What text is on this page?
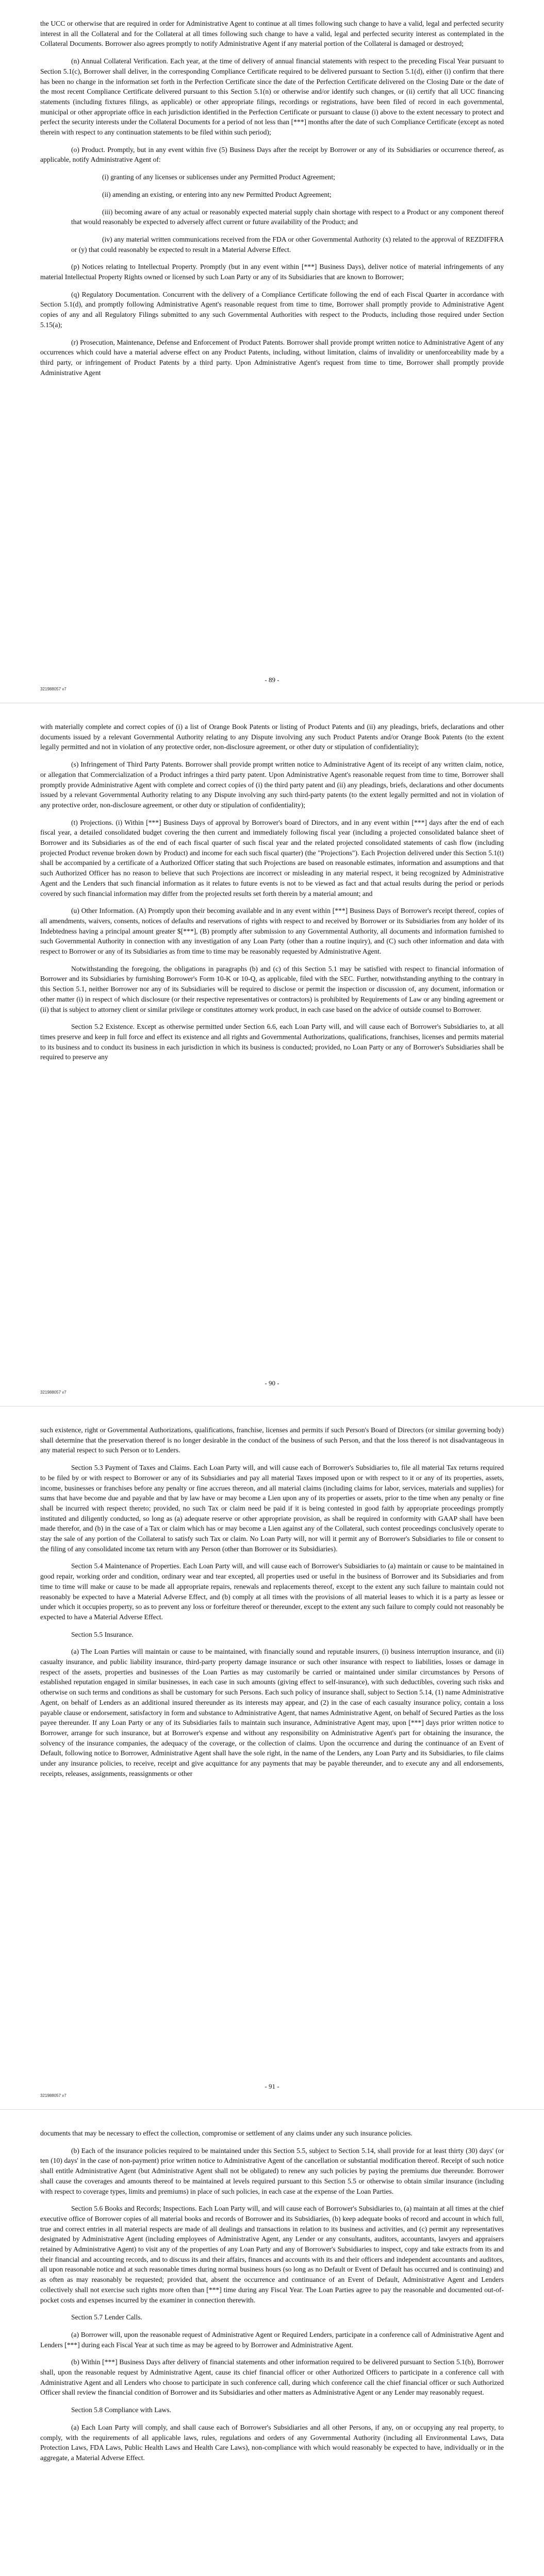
the UCC or otherwise that are required in order for Administrative Agent to continue at all times following such change to have a valid, legal and perfected security interest in all the Collateral and for the Collateral at all times following such change to have a valid, legal and perfected security interest as contemplated in the Collateral Documents. Borrower also agrees promptly to notify Administrative Agent if any material portion of the Collateral is damaged or destroyed;

(n) Annual Collateral Verification. Each year, at the time of delivery of annual financial statements with respect to the preceding Fiscal Year pursuant to Section 5.1(c), Borrower shall deliver, in the corresponding Compliance Certificate required to be delivered pursuant to Section 5.1(d), either (i) confirm that there has been no change in the information set forth in the Perfection Certificate since the date of the Perfection Certificate delivered on the Closing Date or the date of the most recent Compliance Certificate delivered pursuant to this Section 5.1(n) or otherwise and/or identify such changes, or (ii) certify that all UCC financing statements (including fixtures filings, as applicable) or other appropriate filings, recordings or registrations, have been filed of record in each governmental, municipal or other appropriate office in each jurisdiction identified in the Perfection Certificate or pursuant to clause (i) above to the extent necessary to protect and perfect the security interests under the Collateral Documents for a period of not less than [***] months after the date of such Compliance Certificate (except as noted therein with respect to any continuation statements to be filed within such period);

(o) Product. Promptly, but in any event within five (5) Business Days after the receipt by Borrower or any of its Subsidiaries or occurrence thereof, as applicable, notify Administrative Agent of:

(i) granting of any licenses or sublicenses under any Permitted Product Agreement;

(ii) amending an existing, or entering into any new Permitted Product Agreement;

(iii) becoming aware of any actual or reasonably expected material supply chain shortage with respect to a Product or any component thereof that would reasonably be expected to adversely affect current or future availability of the Product; and

(iv) any material written communications received from the FDA or other Governmental Authority (x) related to the approval of REZDIFFRA or (y) that could reasonably be expected to result in a Material Adverse Effect.

(p) Notices relating to Intellectual Property. Promptly (but in any event within [***] Business Days), deliver notice of material infringements of any material Intellectual Property Rights owned or licensed by such Loan Party or any of its Subsidiaries that are known to Borrower;

(q) Regulatory Documentation. Concurrent with the delivery of a Compliance Certificate following the end of each Fiscal Quarter in accordance with Section 5.1(d), and promptly following Administrative Agent's reasonable request from time to time, Borrower shall promptly provide to Administrative Agent copies of any and all Regulatory Filings submitted to any such Governmental Authorities with respect to the Products, including those required under Section 5.15(a);

(r) Prosecution, Maintenance, Defense and Enforcement of Product Patents. Borrower shall provide prompt written notice to Administrative Agent of any occurrences which could have a material adverse effect on any Product Patents, including, without limitation, claims of invalidity or unenforceability made by a third party, or infringement of Product Patents by a third party. Upon Administrative Agent's request from time to time, Borrower shall promptly provide Administrative Agent

- 89 -
321988057 v7

with materially complete and correct copies of (i) a list of Orange Book Patents or listing of Product Patents and (ii) any pleadings, briefs, declarations and other documents issued by a relevant Governmental Authority relating to any Dispute involving any such Product Patents and/or Orange Book Patents (to the extent legally permitted and not in violation of any protective order, non-disclosure agreement, or other duty or stipulation of confidentiality);

(s) Infringement of Third Party Patents. Borrower shall provide prompt written notice to Administrative Agent of its receipt of any written claim, notice, or allegation that Commercialization of a Product infringes a third party patent. Upon Administrative Agent's reasonable request from time to time, Borrower shall promptly provide Administrative Agent with complete and correct copies of (i) the third party patent and (ii) any pleadings, briefs, declarations and other documents issued by a relevant Governmental Authority relating to any Dispute involving any such third-party patents (to the extent legally permitted and not in violation of any protective order, non-disclosure agreement, or other duty or stipulation of confidentiality);

(t) Projections. (i) Within [***] Business Days of approval by Borrower's board of Directors, and in any event within [***] days after the end of each fiscal year, a detailed consolidated budget covering the then current and immediately following fiscal year (including a projected consolidated balance sheet of Borrower and its Subsidiaries as of the end of each fiscal quarter of such fiscal year and the related projected consolidated statements of cash flow (including projected Product revenue broken down by Product) and income for each such fiscal quarter) (the "Projections"). Each Projection delivered under this Section 5.1(t) shall be accompanied by a certificate of a Authorized Officer stating that such Projections are based on reasonable estimates, information and assumptions and that such Authorized Officer has no reason to believe that such Projections are incorrect or misleading in any material respect, it being recognized by Administrative Agent and the Lenders that such financial information as it relates to future events is not to be viewed as fact and that actual results during the period or periods covered by such financial information may differ from the projected results set forth therein by a material amount; and

(u) Other Information. (A) Promptly upon their becoming available and in any event within [***] Business Days of Borrower's receipt thereof, copies of all amendments, waivers, consents, notices of defaults and reservations of rights with respect to and received by Borrower or its Subsidiaries from any holder of its Indebtedness having a principal amount greater $[***], (B) promptly after submission to any Governmental Authority, all documents and information furnished to such Governmental Authority in connection with any investigation of any Loan Party (other than a routine inquiry), and (C) such other information and data with respect to Borrower or any of its Subsidiaries as from time to time may be reasonably requested by Administrative Agent.

Notwithstanding the foregoing, the obligations in paragraphs (b) and (c) of this Section 5.1 may be satisfied with respect to financial information of Borrower and its Subsidiaries by furnishing Borrower's Form 10-K or 10-Q, as applicable, filed with the SEC. Further, notwithstanding anything to the contrary in this Section 5.1, neither Borrower nor any of its Subsidiaries will be required to disclose or permit the inspection or discussion of, any document, information or other matter (i) in respect of which disclosure (or their respective representatives or contractors) is prohibited by Requirements of Law or any binding agreement or (ii) that is subject to attorney client or similar privilege or constitutes attorney work product, in each case based on the advice of outside counsel to Borrower.

Section 5.2 Existence. Except as otherwise permitted under Section 6.6, each Loan Party will, and will cause each of Borrower's Subsidiaries to, at all times preserve and keep in full force and effect its existence and all rights and Governmental Authorizations, qualifications, franchises, licenses and permits material to its business and to conduct its business in each jurisdiction in which its business is conducted; provided, no Loan Party or any of Borrower's Subsidiaries shall be required to preserve any

- 90 -
321988057 v7

such existence, right or Governmental Authorizations, qualifications, franchise, licenses and permits if such Person's Board of Directors (or similar governing body) shall determine that the preservation thereof is no longer desirable in the conduct of the business of such Person, and that the loss thereof is not disadvantageous in any material respect to such Person or to Lenders.

Section 5.3 Payment of Taxes and Claims. Each Loan Party will, and will cause each of Borrower's Subsidiaries to, file all material Tax returns required to be filed by or with respect to Borrower or any of its Subsidiaries and pay all material Taxes imposed upon or with respect to it or any of its properties, assets, income, businesses or franchises before any penalty or fine accrues thereon, and all material claims (including claims for labor, services, materials and supplies) for sums that have become due and payable and that by law have or may become a Lien upon any of its properties or assets, prior to the time when any penalty or fine shall be incurred with respect thereto; provided, no such Tax or claim need be paid if it is being contested in good faith by appropriate proceedings promptly instituted and diligently conducted, so long as (a) adequate reserve or other appropriate provision, as shall be required in conformity with GAAP shall have been made therefor, and (b) in the case of a Tax or claim which has or may become a Lien against any of the Collateral, such contest proceedings conclusively operate to stay the sale of any portion of the Collateral to satisfy such Tax or claim. No Loan Party will, nor will it permit any of Borrower's Subsidiaries to file or consent to the filing of any consolidated income tax return with any Person (other than Borrower or its Subsidiaries).

Section 5.4 Maintenance of Properties. Each Loan Party will, and will cause each of Borrower's Subsidiaries to (a) maintain or cause to be maintained in good repair, working order and condition, ordinary wear and tear excepted, all properties used or useful in the business of Borrower and its Subsidiaries and from time to time will make or cause to be made all appropriate repairs, renewals and replacements thereof, except to the extent any such failure to maintain could not reasonably be expected to have a Material Adverse Effect, and (b) comply at all times with the provisions of all material leases to which it is a party as lessee or under which it occupies property, so as to prevent any loss or forfeiture thereof or thereunder, except to the extent any such failure to comply could not reasonably be expected to have a Material Adverse Effect.

Section 5.5 Insurance.

(a) The Loan Parties will maintain or cause to be maintained, with financially sound and reputable insurers, (i) business interruption insurance, and (ii) casualty insurance, and public liability insurance, third-party property damage insurance or such other insurance with respect to liabilities, losses or damage in respect of the assets, properties and businesses of the Loan Parties as may customarily be carried or maintained under similar circumstances by Persons of established reputation engaged in similar businesses, in each case in such amounts (giving effect to self-insurance), with such deductibles, covering such risks and otherwise on such terms and conditions as shall be customary for such Persons. Each such policy of insurance shall, subject to Section 5.14, (1) name Administrative Agent, on behalf of Lenders as an additional insured thereunder as its interests may appear, and (2) in the case of each casualty insurance policy, contain a loss payable clause or endorsement, satisfactory in form and substance to Administrative Agent, that names Administrative Agent, on behalf of Secured Parties as the loss payee thereunder. If any Loan Party or any of its Subsidiaries fails to maintain such insurance, Administrative Agent may, upon [***] days prior written notice to Borrower, arrange for such insurance, but at Borrower's expense and without any responsibility on Administrative Agent's part for obtaining the insurance, the solvency of the insurance companies, the adequacy of the coverage, or the collection of claims. Upon the occurrence and during the continuance of an Event of Default, following notice to Borrower, Administrative Agent shall have the sole right, in the name of the Lenders, any Loan Party and its Subsidiaries, to file claims under any insurance policies, to receive, receipt and give acquittance for any payments that may be payable thereunder, and to execute any and all endorsements, receipts, releases, assignments, reassignments or other

- 91 -
321988057 v7

documents that may be necessary to effect the collection, compromise or settlement of any claims under any such insurance policies.

(b) Each of the insurance policies required to be maintained under this Section 5.5, subject to Section 5.14, shall provide for at least thirty (30) days' (or ten (10) days' in the case of non-payment) prior written notice to Administrative Agent of the cancellation or substantial modification thereof. Receipt of such notice shall entitle Administrative Agent (but Administrative Agent shall not be obligated) to renew any such policies by paying the premiums due thereunder. Borrower shall cause the coverages and amounts thereof to be maintained at levels required pursuant to this Section 5.5 or otherwise to obtain similar insurance (including with respect to coverage types, limits and premiums) in place of such policies, in each case at the expense of the Loan Parties.

Section 5.6 Books and Records; Inspections. Each Loan Party will, and will cause each of Borrower's Subsidiaries to, (a) maintain at all times at the chief executive office of Borrower copies of all material books and records of Borrower and its Subsidiaries, (b) keep adequate books of record and account in which full, true and correct entries in all material respects are made of all dealings and transactions in relation to its business and activities, and (c) permit any representatives designated by Administrative Agent (including employees of Administrative Agent, any Lender or any consultants, auditors, accountants, lawyers and appraisers retained by Administrative Agent) to visit any of the properties of any Loan Party and any of Borrower's Subsidiaries to inspect, copy and take extracts from its and their financial and accounting records, and to discuss its and their affairs, finances and accounts with its and their officers and independent accountants and auditors, all upon reasonable notice and at such reasonable times during normal business hours (so long as no Default or Event of Default has occurred and is continuing) and as often as may reasonably be requested; provided that, absent the occurrence and continuance of an Event of Default, Administrative Agent and Lenders collectively shall not exercise such rights more often than [***] time during any Fiscal Year. The Loan Parties agree to pay the reasonable and documented out-of-pocket costs and expenses incurred by the examiner in connection therewith.

Section 5.7 Lender Calls.

(a) Borrower will, upon the reasonable request of Administrative Agent or Required Lenders, participate in a conference call of Administrative Agent and Lenders [***] during each Fiscal Year at such time as may be agreed to by Borrower and Administrative Agent.

(b) Within [***] Business Days after delivery of financial statements and other information required to be delivered pursuant to Section 5.1(b), Borrower shall, upon the reasonable request by Administrative Agent, cause its chief financial officer or other Authorized Officers to participate in a conference call with Administrative Agent and all Lenders who choose to participate in such conference call, during which conference call the chief financial officer or such Authorized Officer shall review the financial condition of Borrower and its Subsidiaries and other matters as Administrative Agent or any Lender may reasonably request.

Section 5.8 Compliance with Laws.

(a) Each Loan Party will comply, and shall cause each of Borrower's Subsidiaries and all other Persons, if any, on or occupying any real property, to comply, with the requirements of all applicable laws, rules, regulations and orders of any Governmental Authority (including all Environmental Laws, Data Protection Laws, FDA Laws, Public Health Laws and Health Care Laws), non-compliance with which would reasonably be expected to have, individually or in the aggregate, a Material Adverse Effect.
